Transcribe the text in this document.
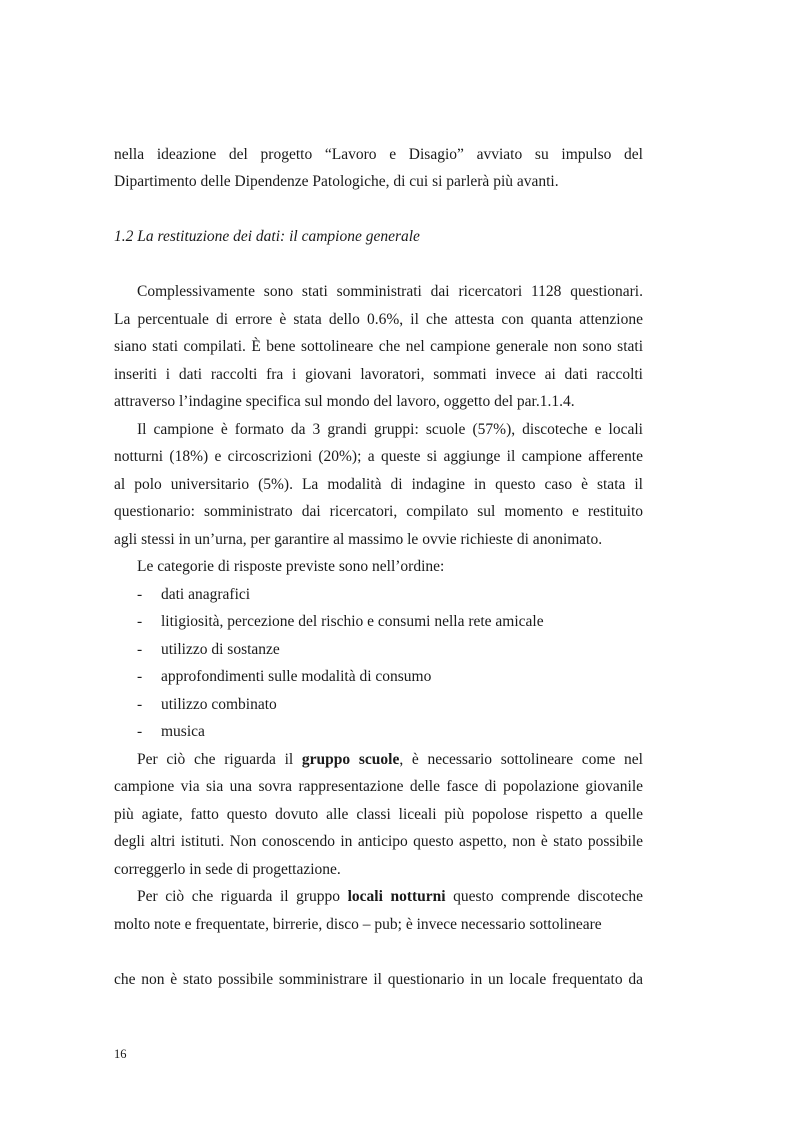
nella ideazione del progetto “Lavoro e Disagio” avviato su impulso del
Dipartimento delle Dipendenze Patologiche, di cui si parlerà più avanti.
1.2 La restituzione dei dati: il campione generale
Complessivamente sono stati somministrati dai ricercatori 1128 questionari.
La percentuale di errore è stata dello 0.6%, il che attesta con quanta attenzione
siano stati compilati. È bene sottolineare che nel campione generale non sono stati
inseriti i dati raccolti fra i giovani lavoratori, sommati invece ai dati raccolti
attraverso l’indagine specifica sul mondo del lavoro, oggetto del par.1.1.4.
Il campione è formato da 3 grandi gruppi: scuole (57%), discoteche e locali
notturni (18%) e circoscrizioni (20%); a queste si aggiunge il campione afferente
al polo universitario (5%). La modalità di indagine in questo caso è stata il
questionario: somministrato dai ricercatori, compilato sul momento e restituito
agli stessi in un’urna, per garantire al massimo le ovvie richieste di anonimato.
Le categorie di risposte previste sono nell’ordine:
- dati anagrafici
- litigiosità, percezione del rischio e consumi nella rete amicale
- utilizzo di sostanze
- approfondimenti sulle modalità di consumo
- utilizzo combinato
- musica
Per ciò che riguarda il gruppo scuole, è necessario sottolineare come nel
campione via sia una sovra rappresentazione delle fasce di popolazione giovanile
più agiate, fatto questo dovuto alle classi liceali più popolose rispetto a quelle
degli altri istituti. Non conoscendo in anticipo questo aspetto, non è stato possibile
correggerlo in sede di progettazione.
Per ciò che riguarda il gruppo locali notturni questo comprende discoteche
molto note e frequentate, birrerie, disco – pub; è invece necessario sottolineare
che non è stato possibile somministrare il questionario in un locale frequentato da
16
